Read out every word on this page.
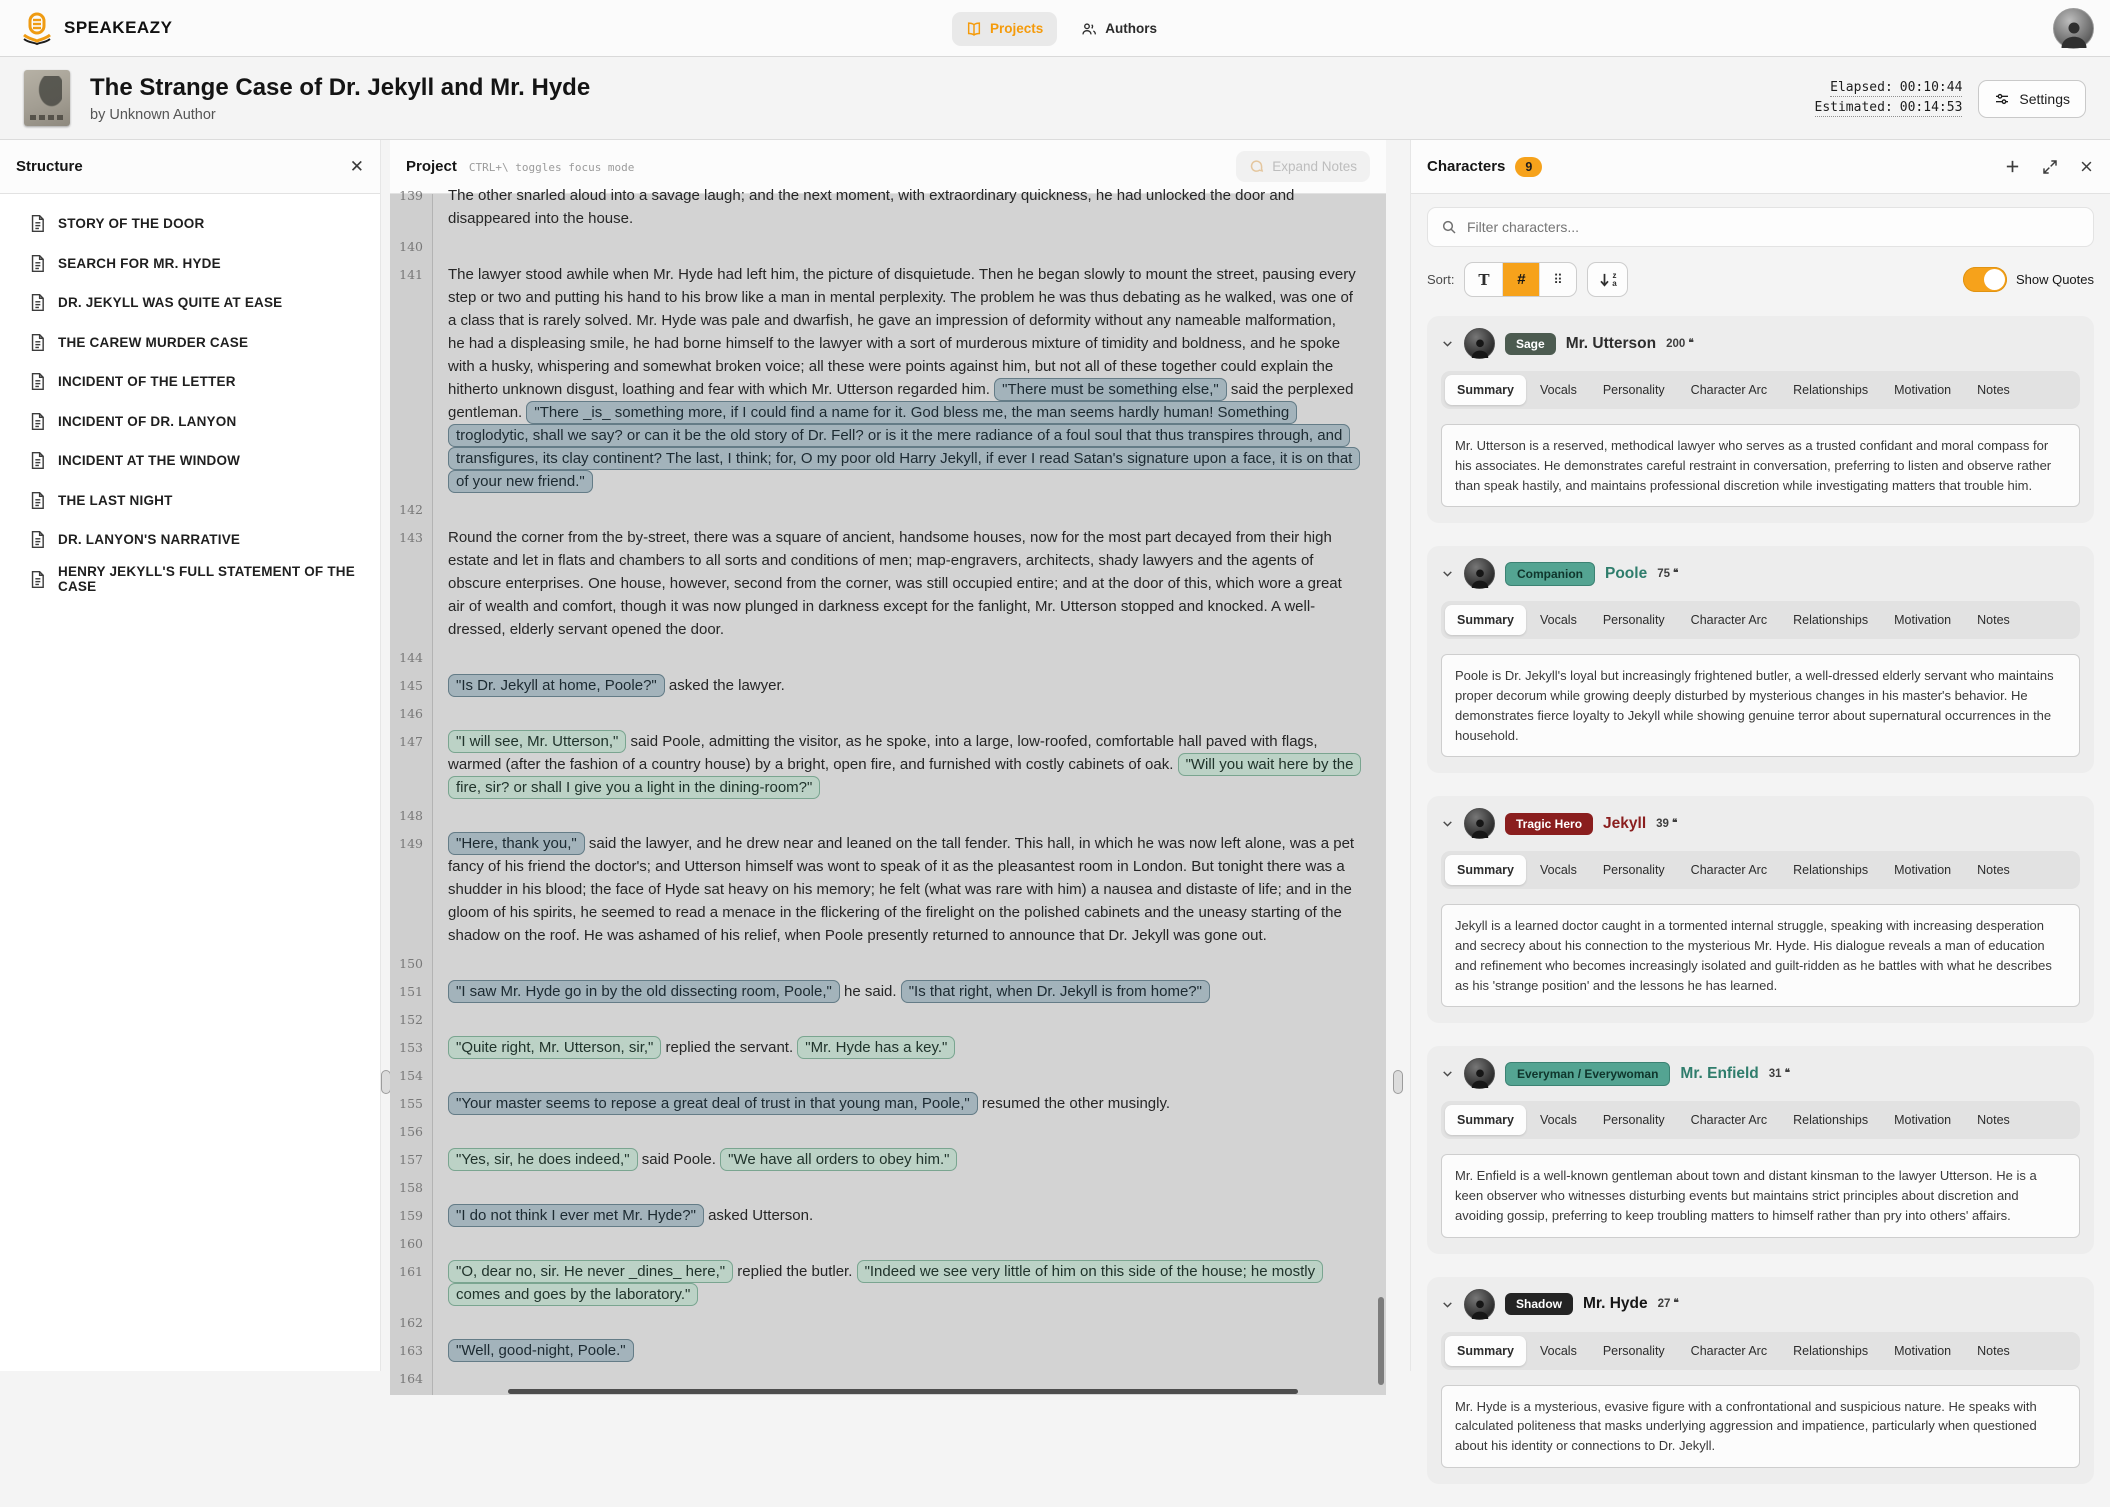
SPEAKEAZY	Projects	Authors
The Strange Case of Dr. Jekyll and Mr. Hyde
by Unknown Author
Elapsed: 00:10:44
Estimated: 00:14:53
Settings
Structure	✕
STORY OF THE DOOR
SEARCH FOR MR. HYDE
DR. JEKYLL WAS QUITE AT EASE
THE CAREW MURDER CASE
INCIDENT OF THE LETTER
INCIDENT OF DR. LANYON
INCIDENT AT THE WINDOW
THE LAST NIGHT
DR. LANYON'S NARRATIVE
HENRY JEKYLL'S FULL STATEMENT OF THE CASE
Project CTRL+\ toggles focus mode	Expand Notes
139	The other snarled aloud into a savage laugh; and the next moment, with extraordinary quickness, he had unlocked the door and disappeared into the house.
140
141	The lawyer stood awhile when Mr. Hyde had left him, the picture of disquietude. Then he began slowly to mount the street, pausing every step or two and putting his hand to his brow like a man in mental perplexity. The problem he was thus debating as he walked, was one of a class that is rarely solved. Mr. Hyde was pale and dwarfish, he gave an impression of deformity without any nameable malformation, he had a displeasing smile, he had borne himself to the lawyer with a sort of murderous mixture of timidity and boldness, and he spoke with a husky, whispering and somewhat broken voice; all these were points against him, but not all of these together could explain the hitherto unknown disgust, loathing and fear with which Mr. Utterson regarded him. "There must be something else," said the perplexed gentleman. "There _is_ something more, if I could find a name for it. God bless me, the man seems hardly human! Something troglodytic, shall we say? or can it be the old story of Dr. Fell? or is it the mere radiance of a foul soul that thus transpires through, and transfigures, its clay continent? The last, I think; for, O my poor old Harry Jekyll, if ever I read Satan's signature upon a face, it is on that of your new friend."
142
143	Round the corner from the by-street, there was a square of ancient, handsome houses, now for the most part decayed from their high estate and let in flats and chambers to all sorts and conditions of men; map-engravers, architects, shady lawyers and the agents of obscure enterprises. One house, however, second from the corner, was still occupied entire; and at the door of this, which wore a great air of wealth and comfort, though it was now plunged in darkness except for the fanlight, Mr. Utterson stopped and knocked. A well-dressed, elderly servant opened the door.
144
145	"Is Dr. Jekyll at home, Poole?" asked the lawyer.
146
147	"I will see, Mr. Utterson," said Poole, admitting the visitor, as he spoke, into a large, low-roofed, comfortable hall paved with flags, warmed (after the fashion of a country house) by a bright, open fire, and furnished with costly cabinets of oak. "Will you wait here by the fire, sir? or shall I give you a light in the dining-room?"
148
149	"Here, thank you," said the lawyer, and he drew near and leaned on the tall fender. This hall, in which he was now left alone, was a pet fancy of his friend the doctor's; and Utterson himself was wont to speak of it as the pleasantest room in London. But tonight there was a shudder in his blood; the face of Hyde sat heavy on his memory; he felt (what was rare with him) a nausea and distaste of life; and in the gloom of his spirits, he seemed to read a menace in the flickering of the firelight on the polished cabinets and the uneasy starting of the shadow on the roof. He was ashamed of his relief, when Poole presently returned to announce that Dr. Jekyll was gone out.
150
151	"I saw Mr. Hyde go in by the old dissecting room, Poole," he said. "Is that right, when Dr. Jekyll is from home?"
152
153	"Quite right, Mr. Utterson, sir," replied the servant. "Mr. Hyde has a key."
154
155	"Your master seems to repose a great deal of trust in that young man, Poole," resumed the other musingly.
156
157	"Yes, sir, he does indeed," said Poole. "We have all orders to obey him."
158
159	"I do not think I ever met Mr. Hyde?" asked Utterson.
160
161	"O, dear no, sir. He never _dines_ here," replied the butler. "Indeed we see very little of him on this side of the house; he mostly comes and goes by the laboratory."
162
163	"Well, good-night, Poole."
164
Characters	9
Filter characters...
Sort: T	#	⠿	z
a	Show Quotes
Sage	Mr. Utterson 200 ❝
Summary	Vocals	Personality	Character Arc	Relationships	Motivation	Notes
Mr. Utterson is a reserved, methodical lawyer who serves as a trusted confidant and moral compass for his associates. He demonstrates careful restraint in conversation, preferring to listen and observe rather than speak hastily, and maintains professional discretion while investigating matters that trouble him.
Companion	Poole 75 ❝
Summary	Vocals	Personality	Character Arc	Relationships	Motivation	Notes
Poole is Dr. Jekyll's loyal but increasingly frightened butler, a well-dressed elderly servant who maintains proper decorum while growing deeply disturbed by mysterious changes in his master's behavior. He demonstrates fierce loyalty to Jekyll while showing genuine terror about supernatural occurrences in the household.
Tragic Hero	Jekyll 39 ❝
Summary	Vocals	Personality	Character Arc	Relationships	Motivation	Notes
Jekyll is a learned doctor caught in a tormented internal struggle, speaking with increasing desperation and secrecy about his connection to the mysterious Mr. Hyde. His dialogue reveals a man of education and refinement who becomes increasingly isolated and guilt-ridden as he battles with what he describes as his 'strange position' and the lessons he has learned.
Everyman / Everywoman	Mr. Enfield 31 ❝
Summary	Vocals	Personality	Character Arc	Relationships	Motivation	Notes
Mr. Enfield is a well-known gentleman about town and distant kinsman to the lawyer Utterson. He is a keen observer who witnesses disturbing events but maintains strict principles about discretion and avoiding gossip, preferring to keep troubling matters to himself rather than pry into others' affairs.
Shadow	Mr. Hyde 27 ❝
Summary	Vocals	Personality	Character Arc	Relationships	Motivation	Notes
Mr. Hyde is a mysterious, evasive figure with a confrontational and suspicious nature. He speaks with calculated politeness that masks underlying aggression and impatience, particularly when questioned about his identity or connections to Dr. Jekyll.
